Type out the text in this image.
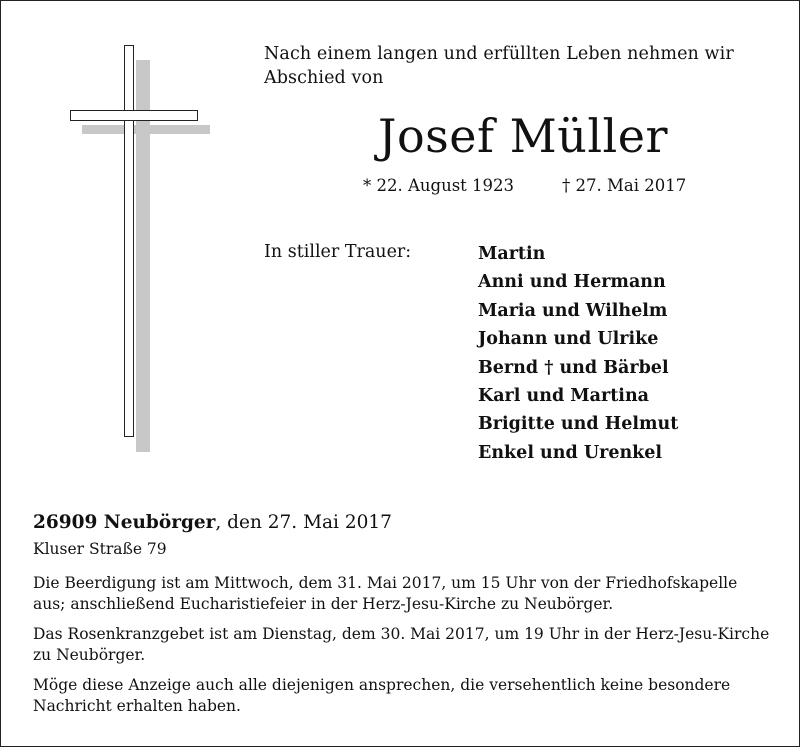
Nach einem langen und erfüllten Leben nehmen wir Abschied von
Josef Müller
* 22. August 1923	† 27. Mai 2017
In stiller Trauer:	Martin
Anni und Hermann
Maria und Wilhelm
Johann und Ulrike
Bernd † und Bärbel
Karl und Martina
Brigitte und Helmut
Enkel und Urenkel
26909 Neubörger, den 27. Mai 2017
Kluser Straße 79
Die Beerdigung ist am Mittwoch, dem 31. Mai 2017, um 15 Uhr von der Friedhofskapelle aus; anschließend Eucharistiefeier in der Herz-Jesu-Kirche zu Neubörger.
Das Rosenkranzgebet ist am Dienstag, dem 30. Mai 2017, um 19 Uhr in der Herz-Jesu-Kirche zu Neubörger.
Möge diese Anzeige auch alle diejenigen ansprechen, die versehentlich keine besondere Nachricht erhalten haben.
